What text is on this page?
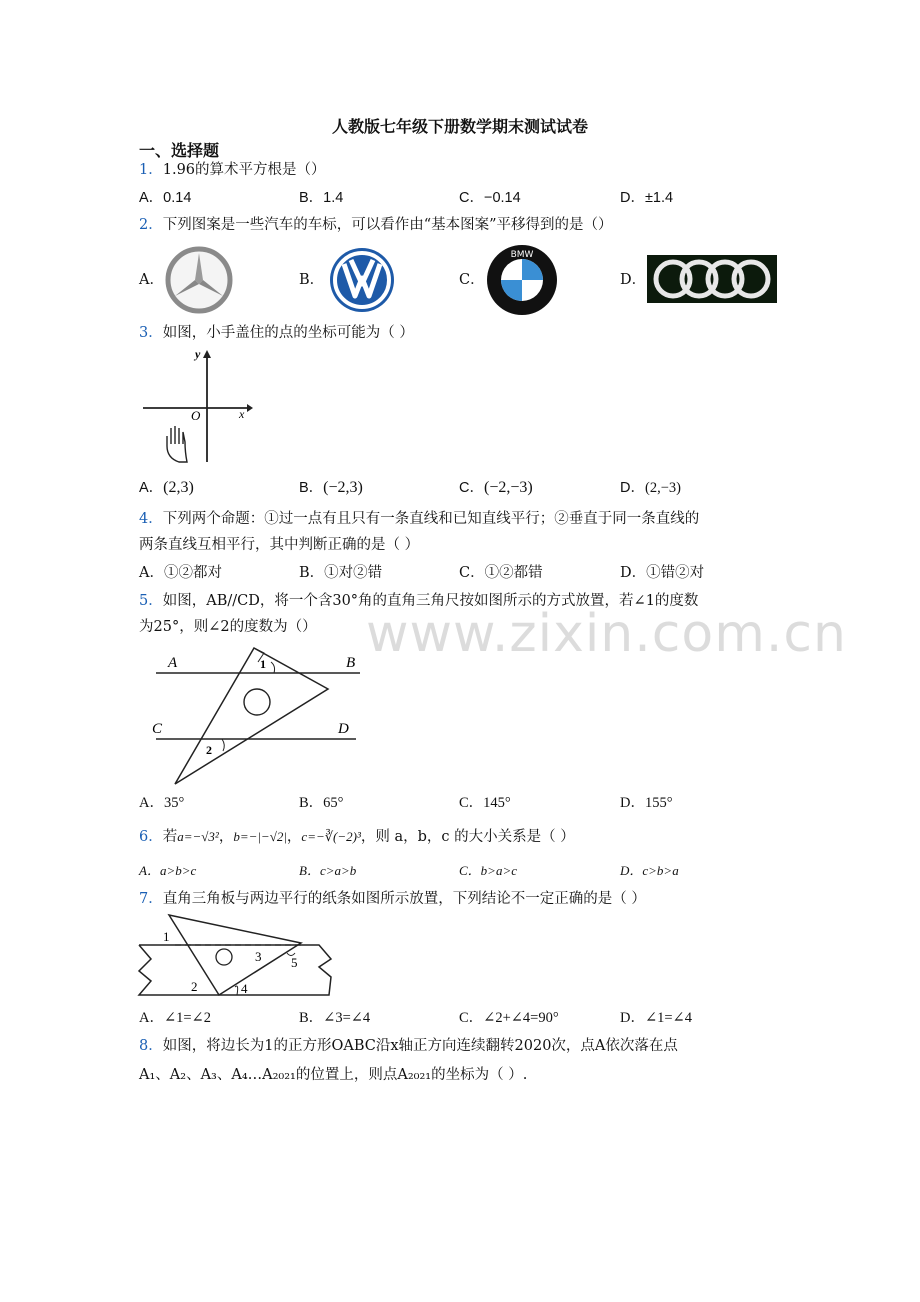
人教版七年级下册数学期末测试试卷
一、选择题
1．1.96的算术平方根是（）
A．0.14	B．1.4	C．−0.14	D．±1.4
2．下列图案是一些汽车的车标，可以看作由“基本图案”平移得到的是（）
A．	B．	C．	D．
BMW
3．如图，小手盖住的点的坐标可能为（ ）
x
y
O
A．(2,3)	B．(−2,3)	C．(−2,−3)	D．(2,−3)
4．下列两个命题：①过一点有且只有一条直线和已知直线平行；②垂直于同一条直线的
两条直线互相平行，其中判断正确的是（ ）
A．①②都对	B．①对②错	C．①②都错	D．①错②对
www.zixin.com.cn
5．如图，AB//CD，将一个含30°角的直角三角尺按如图所示的方式放置，若∠1的度数
为25°，则∠2的度数为（）
A	B
C	D
1
2
A．35°	B．65°	C．145°	D．155°
6．若a=−√3²，b=−|−√2|，c=−∛(−2)³，则 a，b，c 的大小关系是（ ）
A．a>b>c	B．c>a>b	C．b>a>c	D．c>b>a
7．直角三角板与两边平行的纸条如图所示放置，下列结论不一定正确的是（ ）
1
2
3
4
5
A．∠1=∠2	B．∠3=∠4	C．∠2+∠4=90°	D．∠1=∠4
8．如图，将边长为1的正方形OABC沿x轴正方向连续翻转2020次，点A依次落在点
A₁、A₂、A₃、A₄…A₂₀₂₁的位置上，则点A₂₀₂₁的坐标为（ ）.
